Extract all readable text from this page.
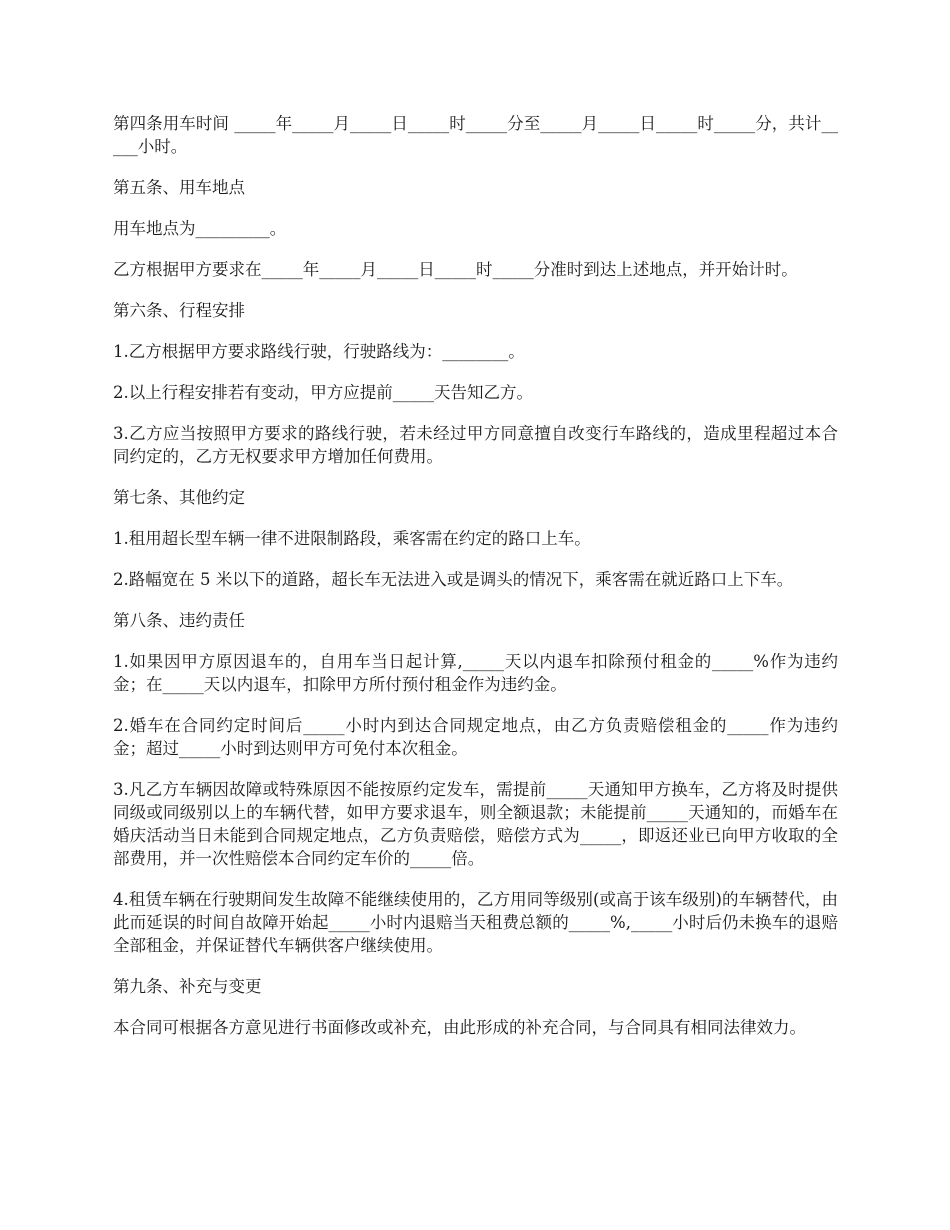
第四条用车时间 _____年_____月_____日_____时_____分至_____月_____日_____时_____分，共计_____小时。

第五条、用车地点

用车地点为_________。

乙方根据甲方要求在_____年_____月_____日_____时_____分准时到达上述地点，并开始计时。

第六条、行程安排

1.乙方根据甲方要求路线行驶，行驶路线为：________。

2.以上行程安排若有变动，甲方应提前_____天告知乙方。

3.乙方应当按照甲方要求的路线行驶，若未经过甲方同意擅自改变行车路线的，造成里程超过本合同约定的，乙方无权要求甲方增加任何费用。

第七条、其他约定

1.租用超长型车辆一律不进限制路段，乘客需在约定的路口上车。

2.路幅宽在 5 米以下的道路，超长车无法进入或是调头的情况下，乘客需在就近路口上下车。

第八条、违约责任

1.如果因甲方原因退车的，自用车当日起计算,_____天以内退车扣除预付租金的_____%作为违约金；在_____天以内退车，扣除甲方所付预付租金作为违约金。

2.婚车在合同约定时间后_____小时内到达合同规定地点，由乙方负责赔偿租金的_____作为违约金；超过_____小时到达则甲方可免付本次租金。

3.凡乙方车辆因故障或特殊原因不能按原约定发车，需提前_____天通知甲方换车，乙方将及时提供同级或同级别以上的车辆代替，如甲方要求退车，则全额退款；未能提前_____天通知的，而婚车在婚庆活动当日未能到合同规定地点，乙方负责赔偿，赔偿方式为_____，即返还业已向甲方收取的全部费用，并一次性赔偿本合同约定车价的_____倍。

4.租赁车辆在行驶期间发生故障不能继续使用的，乙方用同等级别(或高于该车级别)的车辆替代，由此而延误的时间自故障开始起_____小时内退赔当天租费总额的_____%,_____小时后仍未换车的退赔全部租金，并保证替代车辆供客户继续使用。

第九条、补充与变更

本合同可根据各方意见进行书面修改或补充，由此形成的补充合同，与合同具有相同法律效力。
